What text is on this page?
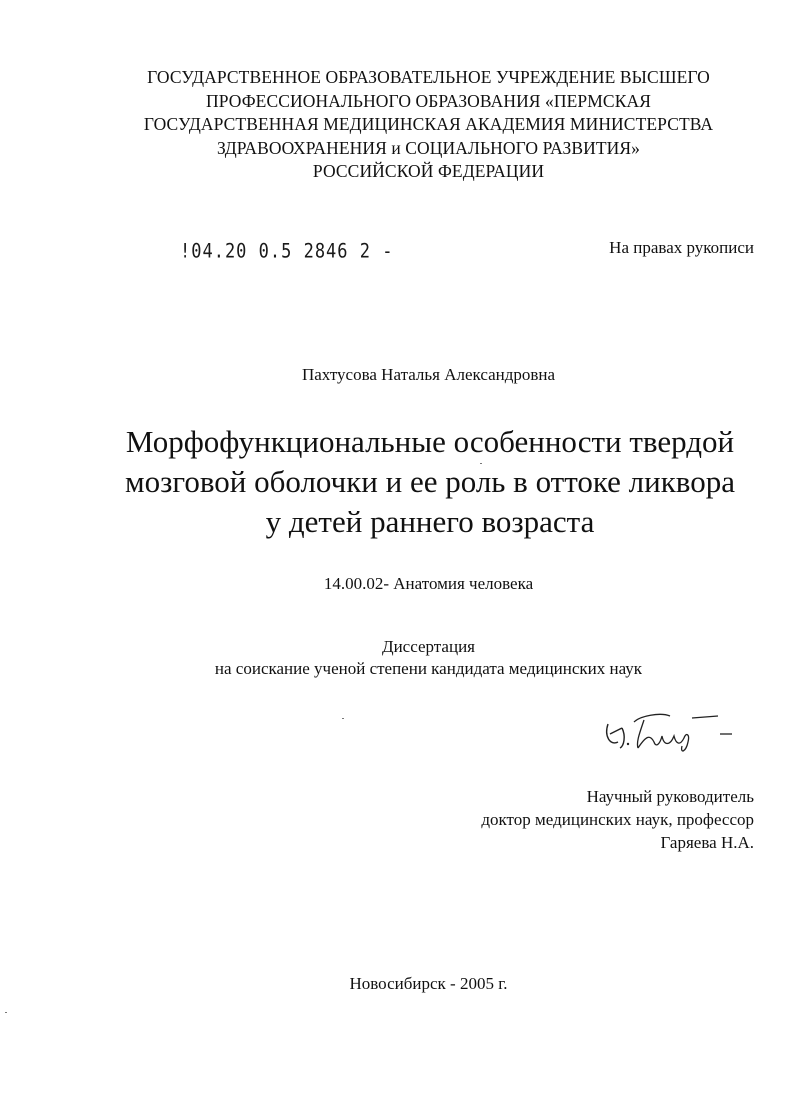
ГОСУДАРСТВЕННОЕ ОБРАЗОВАТЕЛЬНОЕ УЧРЕЖДЕНИЕ ВЫСШЕГО
ПРОФЕССИОНАЛЬНОГО ОБРАЗОВАНИЯ «ПЕРМСКАЯ
ГОСУДАРСТВЕННАЯ МЕДИЦИНСКАЯ АКАДЕМИЯ МИНИСТЕРСТВА
ЗДРАВООХРАНЕНИЯ и СОЦИАЛЬНОГО РАЗВИТИЯ»
РОССИЙСКОЙ ФЕДЕРАЦИИ
!04.20 0.5 2846 2 -	На правах рукописи
Пахтусова Наталья Александровна
Морфофункциональные особенности твердой
мозговой оболочки и ее роль в оттоке ликвора
у детей раннего возраста
14.00.02- Анатомия человека
Диссертация
на соискание ученой степени кандидата медицинских наук
Научный руководитель
доктор медицинских наук, профессор
Гаряева Н.А.
Новосибирск - 2005 г.
